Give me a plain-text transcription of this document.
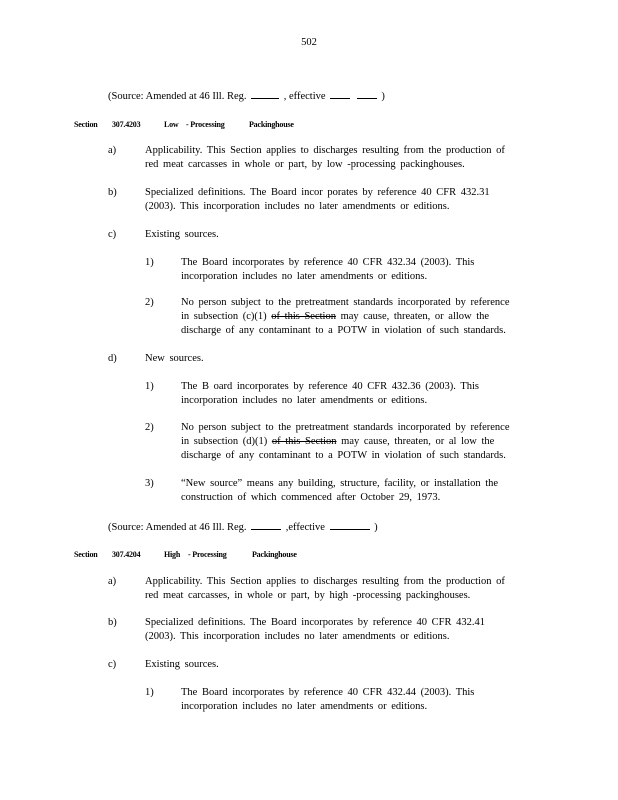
502
(Source: Amended at 46 Ill. Reg.	, effective	)
Section 307.4203	Low - Processing	Packinghouse
a)	Applicability. This Section applies to discharges resulting from the production of
red meat carcasses in whole or part, by low -processing packinghouses.
b)	Specialized definitions. The Board incor porates by reference 40 CFR 432.31
(2003). This incorporation includes no later amendments or editions.
c)	Existing sources.
1)	The Board incorporates by reference 40 CFR 432.34 (2003). This
incorporation includes no later amendments or editions.
2)	No person subject to the pretreatment standards incorporated by reference
in subsection (c)(1) of this Section may cause, threaten, or allow the
discharge of any contaminant to a POTW in violation of such standards.
d)	New sources.
1)	The B oard incorporates by reference 40 CFR 432.36 (2003). This
incorporation includes no later amendments or editions.
2)	No person subject to the pretreatment standards incorporated by reference
in subsection (d)(1) of this Section may cause, threaten, or al low the
discharge of any contaminant to a POTW in violation of such standards.
3)	“New source” means any building, structure, facility, or installation the
construction of which commenced after October 29, 1973.
(Source: Amended at 46 Ill. Reg.	,effective	)
Section 307.4204	High - Processing	Packinghouse
a)	Applicability. This Section applies to discharges resulting from the production of
red meat carcasses, in whole or part, by high -processing packinghouses.
b)	Specialized definitions. The Board incorporates by reference 40 CFR 432.41
(2003). This incorporation includes no later amendments or editions.
c)	Existing sources.
1)	The Board incorporates by reference 40 CFR 432.44 (2003). This
incorporation includes no later amendments or editions.
